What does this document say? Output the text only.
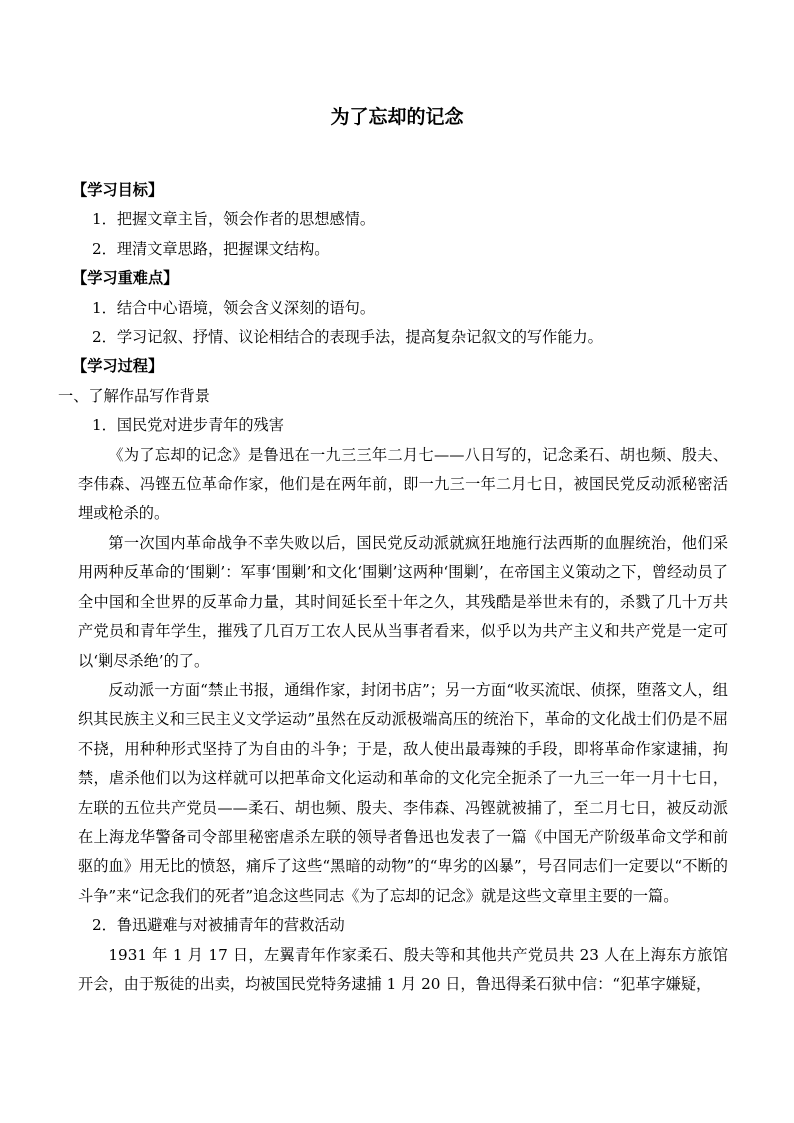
为了忘却的记念

【学习目标】

1．把握文章主旨，领会作者的思想感情。

2．理清文章思路，把握课文结构。

【学习重难点】

1．结合中心语境，领会含义深刻的语句。

2．学习记叙、抒情、议论相结合的表现手法，提高复杂记叙文的写作能力。

【学习过程】

一、了解作品写作背景

1．国民党对进步青年的残害

《为了忘却的记念》是鲁迅在一九三三年二月七——八日写的，记念柔石、胡也频、殷夫、李伟森、冯铿五位革命作家，他们是在两年前，即一九三一年二月七日，被国民党反动派秘密活埋或枪杀的。

第一次国内革命战争不幸失败以后，国民党反动派就疯狂地施行法西斯的血腥统治，他们采用两种反革命的‘围剿’：军事‘围剿’和文化‘围剿’这两种‘围剿’，在帝国主义策动之下，曾经动员了全中国和全世界的反革命力量，其时间延长至十年之久，其残酷是举世未有的，杀戮了几十万共产党员和青年学生，摧残了几百万工农人民从当事者看来，似乎以为共产主义和共产党是一定可以‘剿尽杀绝’的了。

反动派一方面“禁止书报，通缉作家，封闭书店”；另一方面“收买流氓、侦探，堕落文人，组织其民族主义和三民主义文学运动”虽然在反动派极端高压的统治下，革命的文化战士们仍是不屈不挠，用种种形式坚持了为自由的斗争；于是，敌人使出最毒辣的手段，即将革命作家逮捕，拘禁，虐杀他们以为这样就可以把革命文化运动和革命的文化完全扼杀了一九三一年一月十七日，左联的五位共产党员——柔石、胡也频、殷夫、李伟森、冯铿就被捕了，至二月七日，被反动派在上海龙华警备司令部里秘密虐杀左联的领导者鲁迅也发表了一篇《中国无产阶级革命文学和前驱的血》用无比的愤怒，痛斥了这些“黑暗的动物”的“卑劣的凶暴”，号召同志们一定要以“不断的斗争”来“记念我们的死者”追念这些同志《为了忘却的记念》就是这些文章里主要的一篇。

2．鲁迅避难与对被捕青年的营救活动

1931 年 1 月 17 日，左翼青年作家柔石、殷夫等和其他共产党员共 23 人在上海东方旅馆开会，由于叛徒的出卖，均被国民党特务逮捕 1 月 20 日，鲁迅得柔石狱中信：“犯革字嫌疑，
